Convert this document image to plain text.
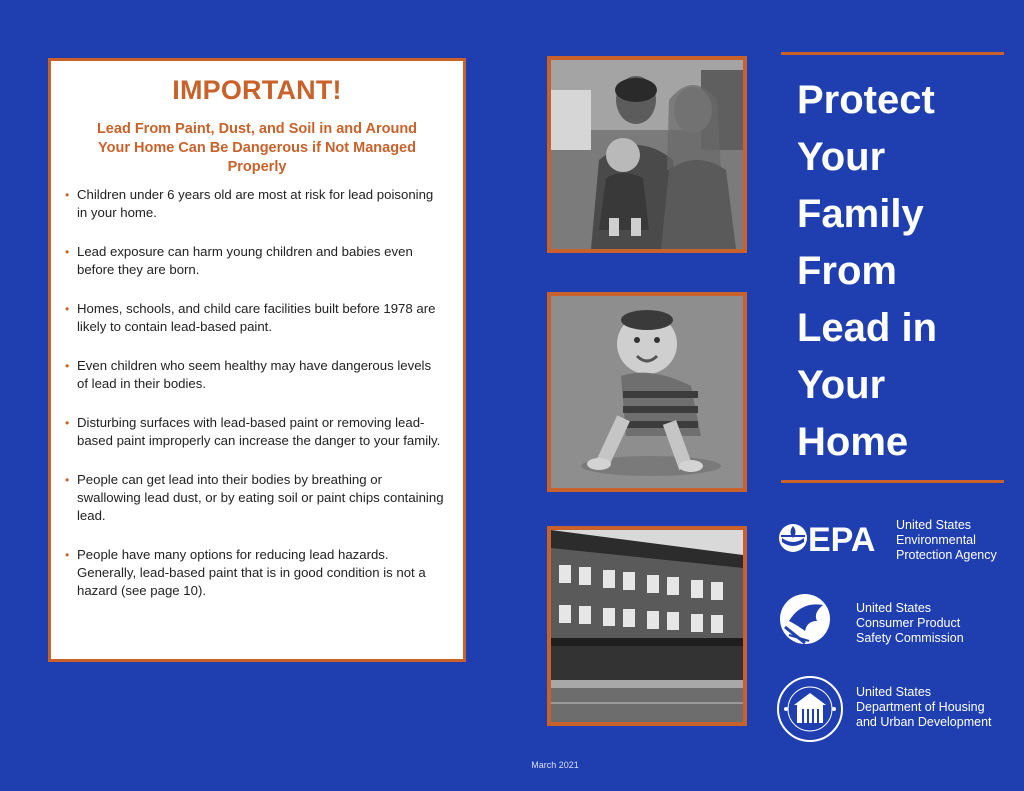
IMPORTANT!
Lead From Paint, Dust, and Soil in and Around Your Home Can Be Dangerous if Not Managed Properly
• Children under 6 years old are most at risk for lead poisoning in your home.
• Lead exposure can harm young children and babies even before they are born.
• Homes, schools, and child care facilities built before 1978 are likely to contain lead-based paint.
• Even children who seem healthy may have dangerous levels of lead in their bodies.
• Disturbing surfaces with lead-based paint or removing lead-based paint improperly can increase the danger to your family.
• People can get lead into their bodies by breathing or swallowing lead dust, or by eating soil or paint chips containing lead.
• People have many options for reducing lead hazards. Generally, lead-based paint that is in good condition is not a hazard (see page 10).
Protect
Your
Family
From
Lead in
Your
Home
EPA United States
Environmental
Protection Agency
United States
Consumer Product
Safety Commission
United States
Department of Housing
and Urban Development
March 2021
